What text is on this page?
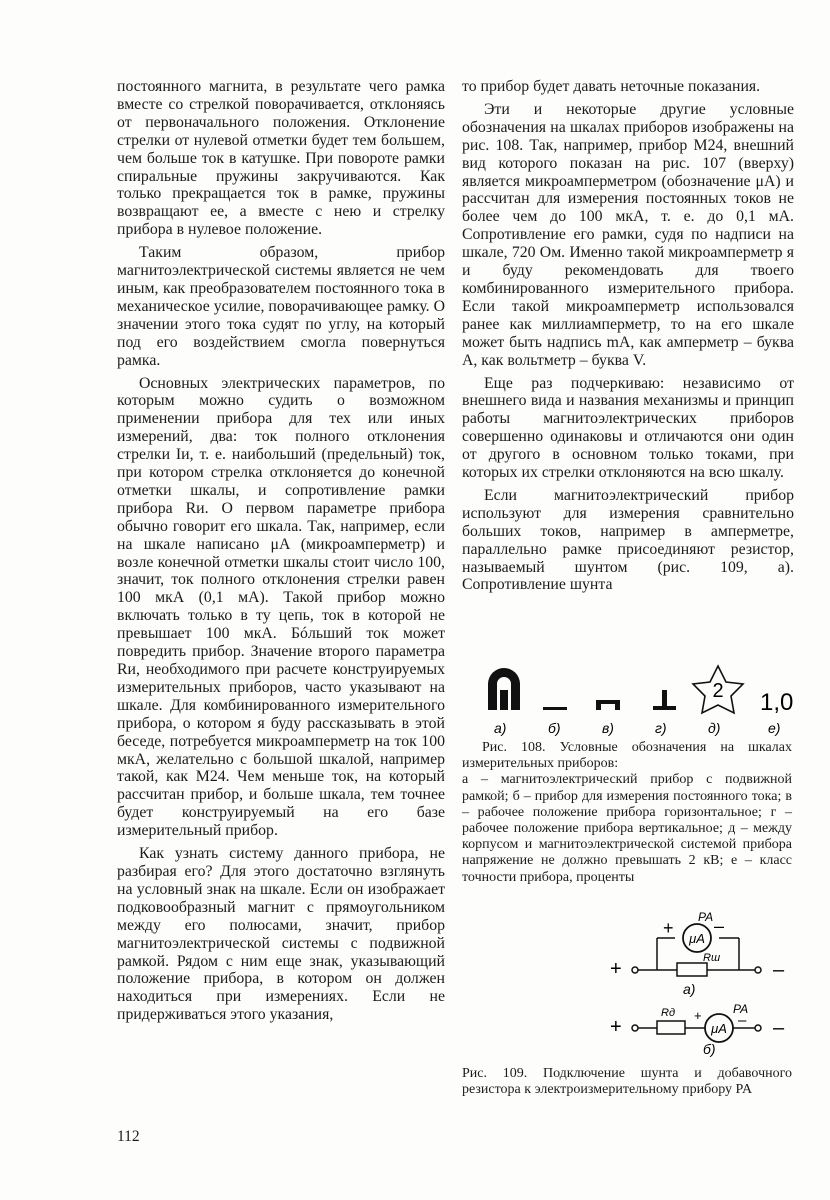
постоянного магнита, в результате чего рамка вместе со стрелкой поворачивается, отклоняясь от первоначального положения. Отклонение стрелки от нулевой отметки будет тем большем, чем больше ток в катушке. При повороте рамки спиральные пружины закручиваются. Как только прекращается ток в рамке, пружины возвращают ее, а вместе с нею и стрелку прибора в нулевое положение.

Таким образом, прибор магнитоэлектрической системы является не чем иным, как преобразователем постоянного тока в механическое усилие, поворачивающее рамку. О значении этого тока судят по углу, на который под его воздействием смогла повернуться рамка.

Основных электрических параметров, по которым можно судить о возможном применении прибора для тех или иных измерений, два: ток полного отклонения стрелки Iи, т. е. наибольший (предельный) ток, при котором стрелка отклоняется до конечной отметки шкалы, и сопротивление рамки прибора Rи. О первом параметре прибора обычно говорит его шкала. Так, например, если на шкале написано μA (микроамперметр) и возле конечной отметки шкалы стоит число 100, значит, ток полного отклонения стрелки равен 100 мкА (0,1 мА). Такой прибор можно включать только в ту цепь, ток в которой не превышает 100 мкА. Бóльший ток может повредить прибор. Значение второго параметра Rи, необходимого при расчете конструируемых измерительных приборов, часто указывают на шкале. Для комбинированного измерительного прибора, о котором я буду рассказывать в этой беседе, потребуется микроамперметр на ток 100 мкА, желательно с большой шкалой, например такой, как М24. Чем меньше ток, на который рассчитан прибор, и больше шкала, тем точнее будет конструируемый на его базе измерительный прибор.

Как узнать систему данного прибора, не разбирая его? Для этого достаточно взглянуть на условный знак на шкале. Если он изображает подковообразный магнит с прямоугольником между его полюсами, значит, прибор магнитоэлектрической системы с подвижной рамкой. Рядом с ним еще знак, указывающий положение прибора, в котором он должен находиться при измерениях. Если не придерживаться этого указания,

то прибор будет давать неточные показания.

Эти и некоторые другие условные обозначения на шкалах приборов изображены на рис. 108. Так, например, прибор М24, внешний вид которого показан на рис. 107 (вверху) является микроамперметром (обозначение μA) и рассчитан для измерения постоянных токов не более чем до 100 мкА, т. е. до 0,1 мА. Сопротивление его рамки, судя по надписи на шкале, 720 Ом. Именно такой микроамперметр я и буду рекомендовать для твоего комбинированного измерительного прибора. Если такой микроамперметр использовался ранее как миллиамперметр, то на его шкале может быть надпись mA, как амперметр – буква A, как вольтметр – буква V.

Еще раз подчеркиваю: независимо от внешнего вида и названия механизмы и принцип работы магнитоэлектрических приборов совершенно одинаковы и отличаются они один от другого в основном только токами, при которых их стрелки отклоняются на всю шкалу.

Если магнитоэлектрический прибор используют для измерения сравнительно больших токов, например в амперметре, параллельно рамке присоединяют резистор, называемый шунтом (рис. 109, а). Сопротивление шунта

2 1,0
а)	б)	в)	г)	д)	е)
Рис. 108. Условные обозначения на шкалах измерительных приборов:
а – магнитоэлектрический прибор с подвижной рамкой; б – прибор для измерения постоянного тока; в – рабочее положение прибора горизонтальное; г – рабочее положение прибора вертикальное; д – между корпусом и магнитоэлектрической системой прибора напряжение не должно превышать 2 кВ; е – класс точности прибора, проценты
+	–
μA
+ –
PA
Rш
а)
+	μA –
Rд +	PA
–
б)

Рис. 109. Подключение шунта и добавочного резистора к электроизмерительному прибору PA

112
